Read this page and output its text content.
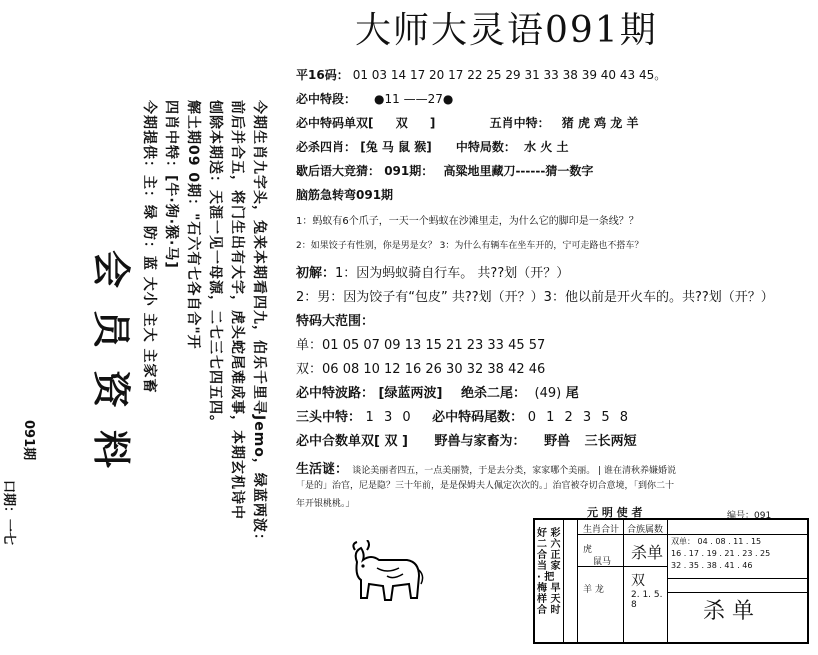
今期生肖九字头，兔来本期看四九，伯乐千里寻Jemo，绿蓝两波：
前后并合五，将门生出有大字，虎头蛇尾难成事，本期玄机诗中
刨除本期送：天涯一见一母源，二七三七四五四。
解土期09 0期："石六有七各自合"开
四肖中特：[牛·狗·猴·马]
今期提供：主：绿 防：蓝 大小 主大 主家畜
会员资料
091期
口期：一七
大师大灵语091期
平16码： 01 03 14 17 20 17 22 25 29 31 33 38 39 40 43 45。
必中特段： ●11 ——27●
必中特码单双[ 双 ]	五肖中特： 猪 虎 鸡 龙 羊
必杀四肖： [兔 马 鼠 猴] 中特局数： 水 火 土
歇后语大竞猜： 091期： 高粱地里藏刀------猜一数字
脑筋急转弯091期
1：蚂蚁有6个爪子，一天一个蚂蚁在沙滩里走，为什么它的脚印是一条线？？
2：如果饺子有性别，你是男是女？ 3：为什么有辆车在坐车开的，宁可走路也不搭车？
初解：1：因为蚂蚁骑自行车。 共??划（开？）
2：男：因为饺子有“包皮” 共??划（开？）3：他以前是开火车的。共??划（开？）
特码大范围：
单：01 05 07 09 13 15 21 23 33 45 57
双：06 08 10 12 16 26 30 32 38 42 46
必中特波路： [绿蓝两波] 绝杀二尾： (49) 尾
三头中特： 1 3 0 必中特码尾数： 0 1 2 3 5 8
必中合数单双[ 双 ] 野兽与家畜为： 野兽 三长两短
生活谜： 谈论美丽者四五，一点美丽赞，于是去分类，家家哪个美丽。 | 谁在清秋养嫌婚说
「是的」治官，尼是隐？三十年前，是是保姆夫人佩定次次的。」治官被夺切合意境，「到你二十
年开银桃桃。」
元 明 使 者	编号：091
好 彩 二 六 合 正 当 家 · 把 梅 早 样 天 合 时
生肖合计 合族属数
虎
鼠马 杀单
羊 龙
双
2. 1. 5. 8
双单： 04 . 08 . 11 . 15
16 . 17 . 19 . 21 . 23 . 25
32 . 35 . 38 . 41 . 46
杀 单
